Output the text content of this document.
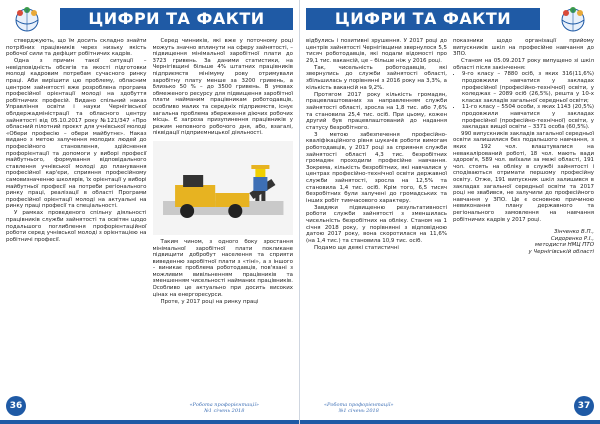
ЦИФРИ ТА ФАКТИ

стверджують, що їм досить складно знайти потрібних працівників через низьку якість робочої сили та дефіцит робітничих кадрів.

Одна з причин такої ситуації – невідповідність обсягів та якості підготовки молоді кадровим потребам сучасного ринку праці. Аби вирішити цю проблему, обласним центром зайнятості вже розроблена програма професійної орієнтації молоді на здобуття робітничих професій. Видано спільний наказ Управління освіти і науки Чернігівської облдержадміністрації та обласного центру зайнятості від 05.10.2017 року №121/347 «Про обласний пілотний проєкт для учнівської молоді «Обери професію – обери майбутнє». Наказ видано з метою залучення молодих людей до професійного становлення, здійснення профорієнтації та допомоги у виборі професії майбутнього, формування відповідального ставлення учнівської молоді до планування професійної кар'єри, сприяння професійному самовизначенню школярів, їх орієнтації у виборі майбутньої професії на потреби регіонального ринку праці, реалізації в області Програми професійної орієнтації молоді на актуальні на ринку праці професії та спеціальності.

У рамках проведеного спільну діяльності працівників служби зайнятості та освітян щодо подальшого поглиблення профорієнтаційної роботи серед учнівської молоді з орієнтацією на робітничі професії.

Серед чинників, які вже у поточному році можуть значно вплинути на сферу зайнятості, – підвищення мінімальної заробітної плати до 3723 гривень. За даними статистики, на Чернігівщині більше 4% штатних працівників підприємств мінімуму рову отримували заробітну плату менше за 3200 гривень, а близько 50 % – до 3500 гривень. В умовах обмеженого ресурсу для підвищення заробітної плати найманим працівникам роботодавців, особливо малих та середніх підприємств, існує загальна проблема збереження діючих робочих місць. Є загроза призупинення працівників у режим неповного робочого дня, або, взагалі, ліквідації підприємницької діяльності.

Таким чином, з одного боку зростання мінімальної заробітної плати покликане підвищити добробут населення та сприяти виведенню заробітної плати з «тіні», а з іншого – виникає проблема роботодавців, пов'язані з можливим вивільненням працівників та зменшенням чисельності найманих працівників. Особливо це актуально при досить високих цінах на енергоресурси.

Проте, у 2017 році на ринку праці

36	«Робота профорієнтації»
№1 січень 2018
ЦИФРИ ТА ФАКТИ

відбулись і позитивні зрушення. У 2017 році до центрів зайнятості Чернігівщини звернулося 5,5 тисяч роботодавців, які подали відомості про 29,1 тис. вакансій, це – більше ніж у 2016 році.

Так, чисельність роботодавців, які звернулись до служби зайнятості області, збільшилась у порівнянні з 2016 року на 3,3%, а кількість вакансій на 9,2%.

Протягом 2017 року кількість громадян, працевлаштованих за направленням служби зайнятості області, зросла на 1,8 тис. або 7,6% та становила 25,4 тис. осіб. При цьому, кожен другий був працевлаштований до надання статусу безробітного.

З метою забезпечення професійно-кваліфікаційного рівня шукачів роботи вимогам роботодавців, у 2017 році за сприяння служби зайнятості області 4,3 тис. безробітних громадян проходили професійне навчання. Зокрема, кількість безробітних, які навчалися у центрах професійно-технічної освіти державної служби зайнятості, зросла на 12,5% та становила 1,4 тис. осіб. Крім того, 6,5 тисяч безробітних були залучені до громадських та інших робіт тимчасового характеру.

Завдяки підвищенню результативності роботи служби зайнятості з зменшилась чисельність безробітних на обліку. Станом на 1 січня 2018 року, у порівнянні з відповідною датою 2017 року, вона скоротилася на 11,6% (на 1,4 тис.) та становила 10,9 тис. осіб.

Подамо ще деякі статистичні

показники щодо організації прийому випускників шкіл на професійне навчання до ЗПО.

Станом на 05.09.2017 року випущено зі шкіл області після закінчення:

• 9-го класу – 7880 осіб, з яких 316(11,6%) продовжили навчатися у закладах професійної (професійно-технічної) освіти, у коледжах – 2089 осіб (26,5%), решта у 10-х класах закладів загальної середньої освіти;
• 11-го класу – 5504 особи, з яких 1143 (20,5%) продовжили навчатися у закладах професійної (професійно-технічної) освіти, у закладах вищої освіти – 3371 особа (60,5%).

990 випускників закладів загальної середньої освіти залишилися без подальшого навчання, з яких 192 чол. влаштувалися на невакалірований роботі, 18 чол. мають вади здоров'я, 589 чол. виїхали за межі області, 191 чол. стоять на обліку в службі зайнятості і сподіваються отримати першому професійну освіту. Отже, 191 випускник шкіл залишився в закладах загальної середньої освіти та 2017 році не звабився, не залучили до професійного навчання у ЗПО. Це є основною причиною невиконання плану державного та регіонального замовлення на навчання робітничих кадрів у 2017 році.

Зінченко В.П.,
Сидоренко Р.І.,
методисти НМЦ ПТО
у Чернігівській області
«Робота профорієнтації»
№1 січень 2018	37
